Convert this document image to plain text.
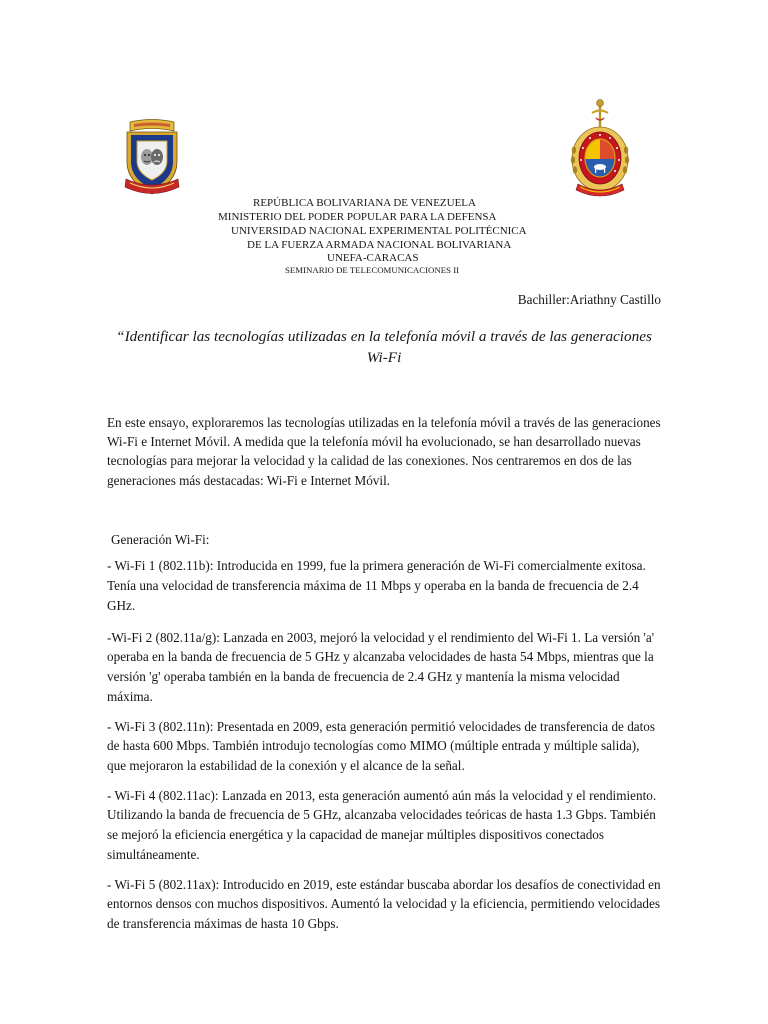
REPÚBLICA BOLIVARIANA DE VENEZUELA
MINISTERIO DEL PODER POPULAR PARA LA DEFENSA
UNIVERSIDAD NACIONAL EXPERIMENTAL POLITÉCNICA
DE LA FUERZA ARMADA NACIONAL BOLIVARIANA
UNEFA-CARACAS
SEMINARIO DE TELECOMUNICACIONES II
Bachiller:Ariathny Castillo
“Identificar las tecnologías utilizadas en la telefonía móvil a través de las generaciones
Wi-Fi
En este ensayo, exploraremos las tecnologías utilizadas en la telefonía móvil a través de las generaciones
Wi-Fi e Internet Móvil. A medida que la telefonía móvil ha evolucionado, se han desarrollado nuevas
tecnologías para mejorar la velocidad y la calidad de las conexiones. Nos centraremos en dos de las
generaciones más destacadas: Wi-Fi e Internet Móvil.
Generación Wi-Fi:
- Wi-Fi 1 (802.11b): Introducida en 1999, fue la primera generación de Wi-Fi comercialmente exitosa.
Tenía una velocidad de transferencia máxima de 11 Mbps y operaba en la banda de frecuencia de 2.4
GHz.
-Wi-Fi 2 (802.11a/g): Lanzada en 2003, mejoró la velocidad y el rendimiento del Wi-Fi 1. La versión 'a'
operaba en la banda de frecuencia de 5 GHz y alcanzaba velocidades de hasta 54 Mbps, mientras que la
versión 'g' operaba también en la banda de frecuencia de 2.4 GHz y mantenía la misma velocidad
máxima.
- Wi-Fi 3 (802.11n): Presentada en 2009, esta generación permitió velocidades de transferencia de datos
de hasta 600 Mbps. También introdujo tecnologías como MIMO (múltiple entrada y múltiple salida),
que mejoraron la estabilidad de la conexión y el alcance de la señal.
- Wi-Fi 4 (802.11ac): Lanzada en 2013, esta generación aumentó aún más la velocidad y el rendimiento.
Utilizando la banda de frecuencia de 5 GHz, alcanzaba velocidades teóricas de hasta 1.3 Gbps. También
se mejoró la eficiencia energética y la capacidad de manejar múltiples dispositivos conectados
simultáneamente.
- Wi-Fi 5 (802.11ax): Introducido en 2019, este estándar buscaba abordar los desafíos de conectividad en
entornos densos con muchos dispositivos. Aumentó la velocidad y la eficiencia, permitiendo velocidades
de transferencia máximas de hasta 10 Gbps.
